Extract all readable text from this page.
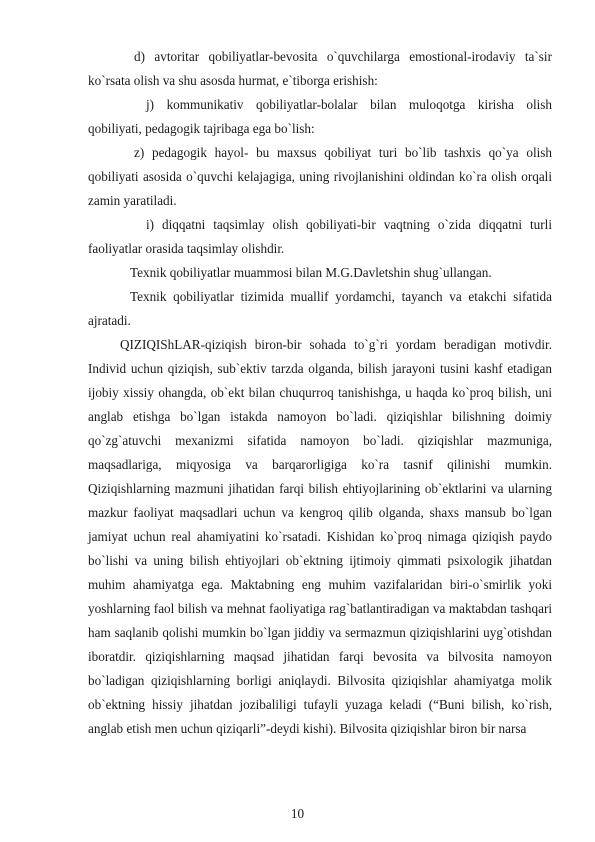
d) avtoritar qobiliyatlar-bevosita o`quvchilarga emostional-irodaviy ta`sir ko`rsata olish va shu asosda hurmat, e`tiborga erishish:

j) kommunikativ qobiliyatlar-bolalar bilan muloqotga kirisha olish qobiliyati, pedagogik tajribaga ega bo`lish:

z) pedagogik hayol- bu maxsus qobiliyat turi bo`lib tashxis qo`ya olish qobiliyati asosida o`quvchi kelajagiga, uning rivojlanishini oldindan ko`ra olish orqali zamin yaratiladi.

i) diqqatni taqsimlay olish qobiliyati-bir vaqtning o`zida diqqatni turli faoliyatlar orasida taqsimlay olishdir.

Texnik qobiliyatlar muammosi bilan M.G.Davletshin shug`ullangan.

Texnik qobiliyatlar tizimida muallif yordamchi, tayanch va etakchi sifatida ajratadi.

QIZIQIShLAR-qiziqish biron-bir sohada to`g`ri yordam beradigan motivdir. Individ uchun qiziqish, sub`ektiv tarzda olganda, bilish jarayoni tusini kashf etadigan ijobiy xissiy ohangda, ob`ekt bilan chuqurroq tanishishga, u haqda ko`proq bilish, uni anglab etishga bo`lgan istakda namoyon bo`ladi. qiziqishlar bilishning doimiy qo`zg`atuvchi mexanizmi sifatida namoyon bo`ladi. qiziqishlar mazmuniga, maqsadlariga, miqyosiga va barqarorligiga ko`ra tasnif qilinishi mumkin. Qiziqishlarning mazmuni jihatidan farqi bilish ehtiyojlarining ob`ektlarini va ularning mazkur faoliyat maqsadlari uchun va kengroq qilib olganda, shaxs mansub bo`lgan jamiyat uchun real ahamiyatini ko`rsatadi. Kishidan ko`proq nimaga qiziqish paydo bo`lishi va uning bilish ehtiyojlari ob`ektning ijtimoiy qimmati psixologik jihatdan muhim ahamiyatga ega. Maktabning eng muhim vazifalaridan biri-o`smirlik yoki yoshlarning faol bilish va mehnat faoliyatiga rag`batlantiradigan va maktabdan tashqari ham saqlanib qolishi mumkin bo`lgan jiddiy va sermazmun qiziqishlarini uyg`otishdan iboratdir. qiziqishlarning maqsad jihatidan farqi bevosita va bilvosita namoyon bo`ladigan qiziqishlarning borligi aniqlaydi. Bilvosita qiziqishlar ahamiyatga molik ob`ektning hissiy jihatdan jozibaliligi tufayli yuzaga keladi (“Buni bilish, ko`rish, anglab etish men uchun qiziqarli”-deydi kishi). Bilvosita qiziqishlar biron bir narsa

10
